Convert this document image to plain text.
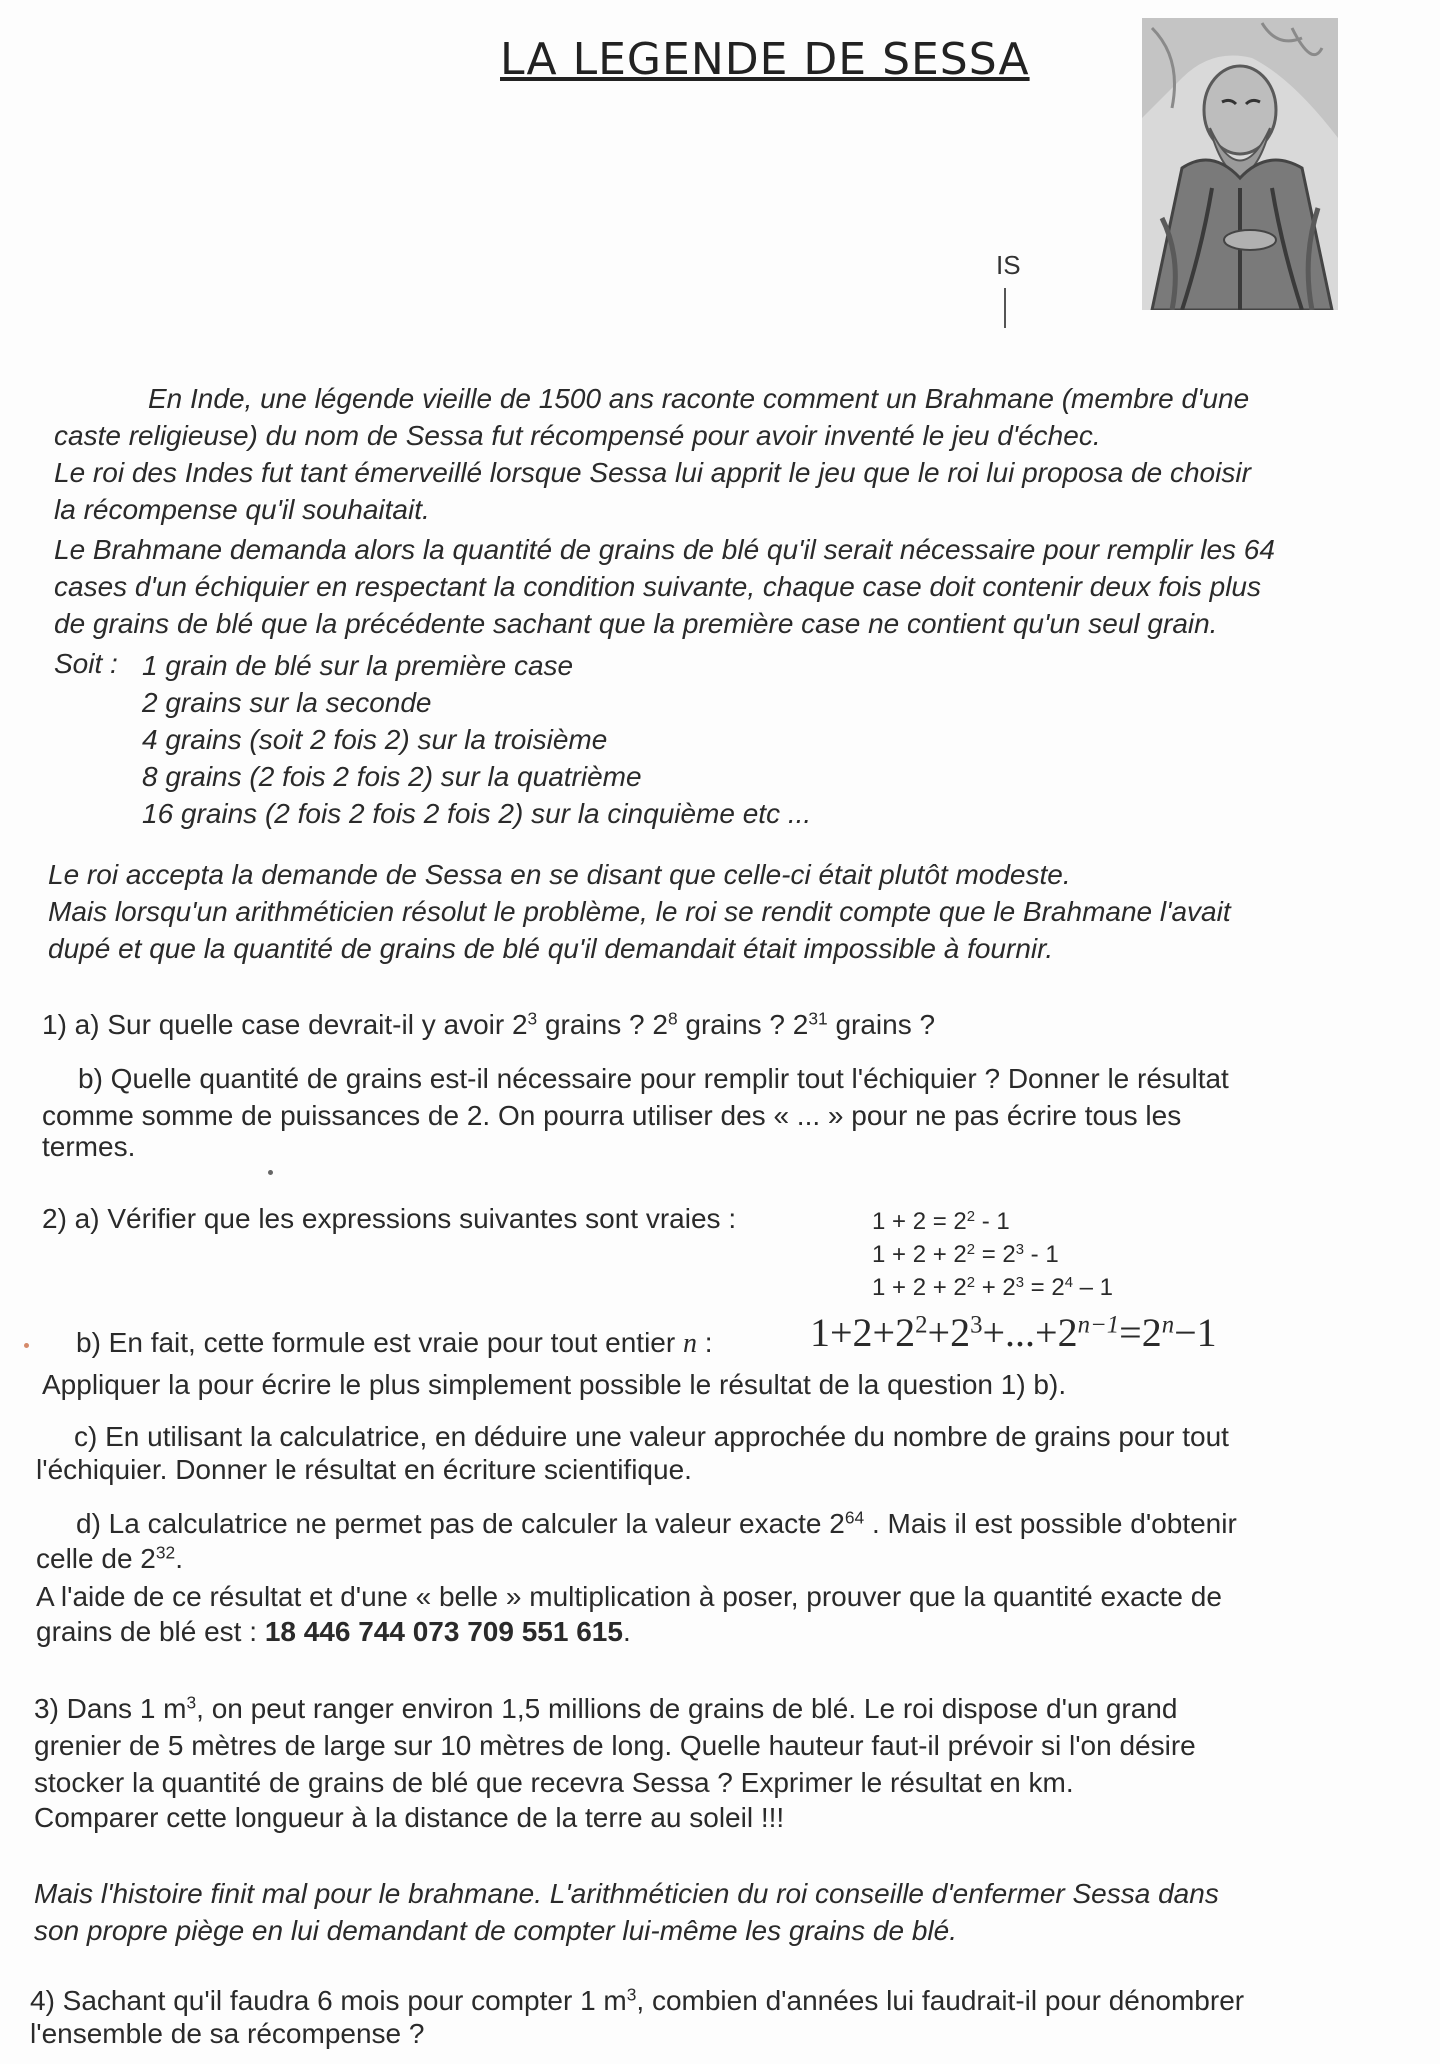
LA LEGENDE DE SESSA
IS
En Inde, une légende vieille de 1500 ans raconte comment un Brahmane (membre d'une
caste religieuse) du nom de Sessa fut récompensé pour avoir inventé le jeu d'échec.
Le roi des Indes fut tant émerveillé lorsque Sessa lui apprit le jeu que le roi lui proposa de choisir
la récompense qu'il souhaitait.
Le Brahmane demanda alors la quantité de grains de blé qu'il serait nécessaire pour remplir les 64
cases d'un échiquier en respectant la condition suivante, chaque case doit contenir deux fois plus
de grains de blé que la précédente sachant que la première case ne contient qu'un seul grain.
Soit : 1 grain de blé sur la première case
2 grains sur la seconde
4 grains (soit 2 fois 2) sur la troisième
8 grains (2 fois 2 fois 2) sur la quatrième
16 grains (2 fois 2 fois 2 fois 2) sur la cinquième etc ...
Le roi accepta la demande de Sessa en se disant que celle-ci était plutôt modeste.
Mais lorsqu'un arithméticien résolut le problème, le roi se rendit compte que le Brahmane l'avait
dupé et que la quantité de grains de blé qu'il demandait était impossible à fournir.
1) a) Sur quelle case devrait-il y avoir $2^3$ grains ? $2^8$ grains ? $2^{31}$ grains ?
b) Quelle quantité de grains est-il nécessaire pour remplir tout l'échiquier ? Donner le résultat
comme somme de puissances de 2. On pourra utiliser des « ... » pour ne pas écrire tous les
termes.
2) a) Vérifier que les expressions suivantes sont vraies :	$1 + 2 = 2^2 - 1$
$1 + 2 + 2^2 = 2^3 - 1$
$1 + 2 + 2^2 + 2^3 = 2^4 - 1$
b) En fait, cette formule est vraie pour tout entier n : $1+2+2^2+2^3+...+2^{n-1}=2^n-1$
Appliquer la pour écrire le plus simplement possible le résultat de la question 1) b).
c) En utilisant la calculatrice, en déduire une valeur approchée du nombre de grains pour tout
l'échiquier. Donner le résultat en écriture scientifique.
d) La calculatrice ne permet pas de calculer la valeur exacte $2^{64}$ . Mais il est possible d'obtenir
celle de $2^{32}$.
A l'aide de ce résultat et d'une « belle » multiplication à poser, prouver que la quantité exacte de
grains de blé est : 18 446 744 073 709 551 615.
3) Dans 1 $m^3$, on peut ranger environ 1,5 millions de grains de blé. Le roi dispose d'un grand
grenier de 5 mètres de large sur 10 mètres de long. Quelle hauteur faut-il prévoir si l'on désire
stocker la quantité de grains de blé que recevra Sessa ? Exprimer le résultat en km.
Comparer cette longueur à la distance de la terre au soleil !!!
Mais l'histoire finit mal pour le brahmane. L'arithméticien du roi conseille d'enfermer Sessa dans
son propre piège en lui demandant de compter lui-même les grains de blé.
4) Sachant qu'il faudra 6 mois pour compter 1 $m^3$, combien d'années lui faudrait-il pour dénombrer
l'ensemble de sa récompense ?
